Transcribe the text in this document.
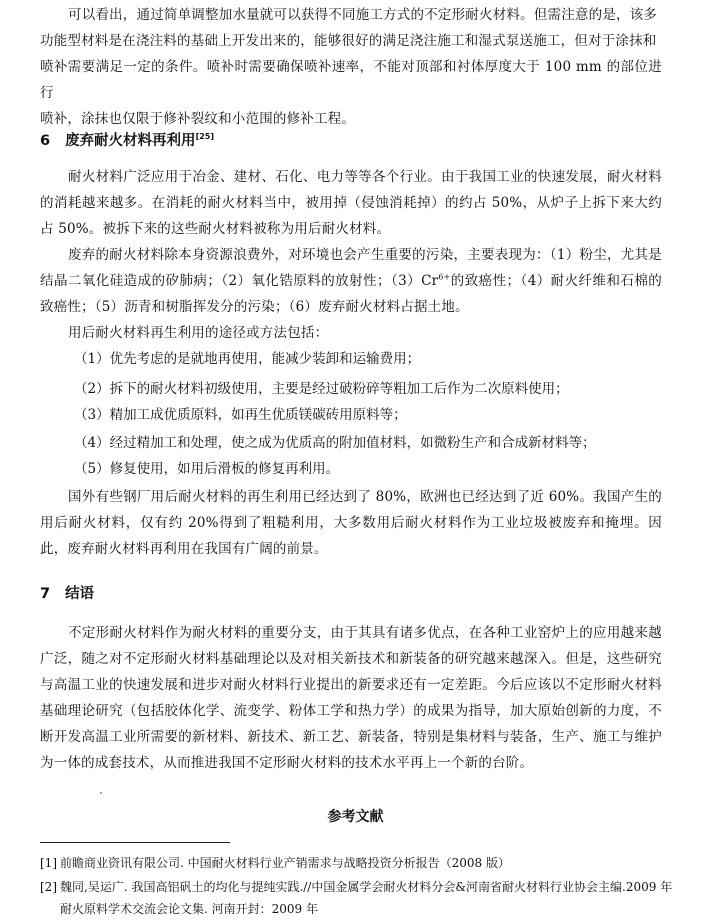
可以看出，通过简单调整加水量就可以获得不同施工方式的不定形耐火材料。但需注意的是，该多
功能型材料是在浇注料的基础上开发出来的，能够很好的满足浇注施工和湿式泵送施工，但对于涂抹和
喷补需要满足一定的条件。喷补时需要确保喷补速率，不能对顶部和衬体厚度大于 100 mm 的部位进行
喷补，涂抹也仅限于修补裂纹和小范围的修补工程。
6 废弃耐火材料再利用[25]

耐火材料广泛应用于冶金、建材、石化、电力等等各个行业。由于我国工业的快速发展，耐火材料的消耗越来越多。在消耗的耐火材料当中，被用掉（侵蚀消耗掉）的约占 50%，从炉子上拆下来大约占 50%。被拆下来的这些耐火材料被称为用后耐火材料。

废弃的耐火材料除本身资源浪费外，对环境也会产生重要的污染，主要表现为：（1）粉尘，尤其是结晶二氧化硅造成的矽肺病；（2）氧化锆原料的放射性；$(3)Cr^{6+}$的致癌性；（4）耐火纤维和石棉的致癌性；（5）沥青和树脂挥发分的污染；（6）废弃耐火材料占据土地。

用后耐火材料再生利用的途径或方法包括：

（1）优先考虑的是就地再使用，能减少装卸和运输费用；

（2）拆下的耐火材料初级使用，主要是经过破粉碎等粗加工后作为二次原料使用；

（3）精加工成优质原料，如再生优质镁碳砖用原料等；

（4）经过精加工和处理，使之成为优质高的附加值材料，如微粉生产和合成新材料等；

（5）修复使用，如用后滑板的修复再利用。

国外有些钢厂用后耐火材料的再生利用已经达到了 80%，欧洲也已经达到了近 60%。我国产生的用后耐火材料，仅有约 20%得到了粗糙利用，大多数用后耐火材料作为工业垃圾被废弃和掩埋。因此，废弃耐火材料再利用在我国有广阔的前景。

7 结语

不定形耐火材料作为耐火材料的重要分支，由于其具有诸多优点，在各种工业窑炉上的应用越来越广泛，随之对不定形耐火材料基础理论以及对相关新技术和新装备的研究越来越深入。但是，这些研究与高温工业的快速发展和进步对耐火材料行业提出的新要求还有一定差距。今后应该以不定形耐火材料基础理论研究（包括胶体化学、流变学、粉体工学和热力学）的成果为指导，加大原始创新的力度，不断开发高温工业所需要的新材料、新技术、新工艺、新装备，特别是集材料与装备，生产、施工与维护为一体的成套技术，从而推进我国不定形耐火材料的技术水平再上一个新的台阶。

参考文献
[1] 前瞻商业资讯有限公司. 中国耐火材料行业产销需求与战略投资分析报告（2008 版）
[2] 魏同,吴运广. 我国高铝矾土的均化与提纯实践.//中国金属学会耐火材料分会&河南省耐火材料行业协会主编.2009 年
耐火原料学术交流会论文集. 河南开封：2009 年
